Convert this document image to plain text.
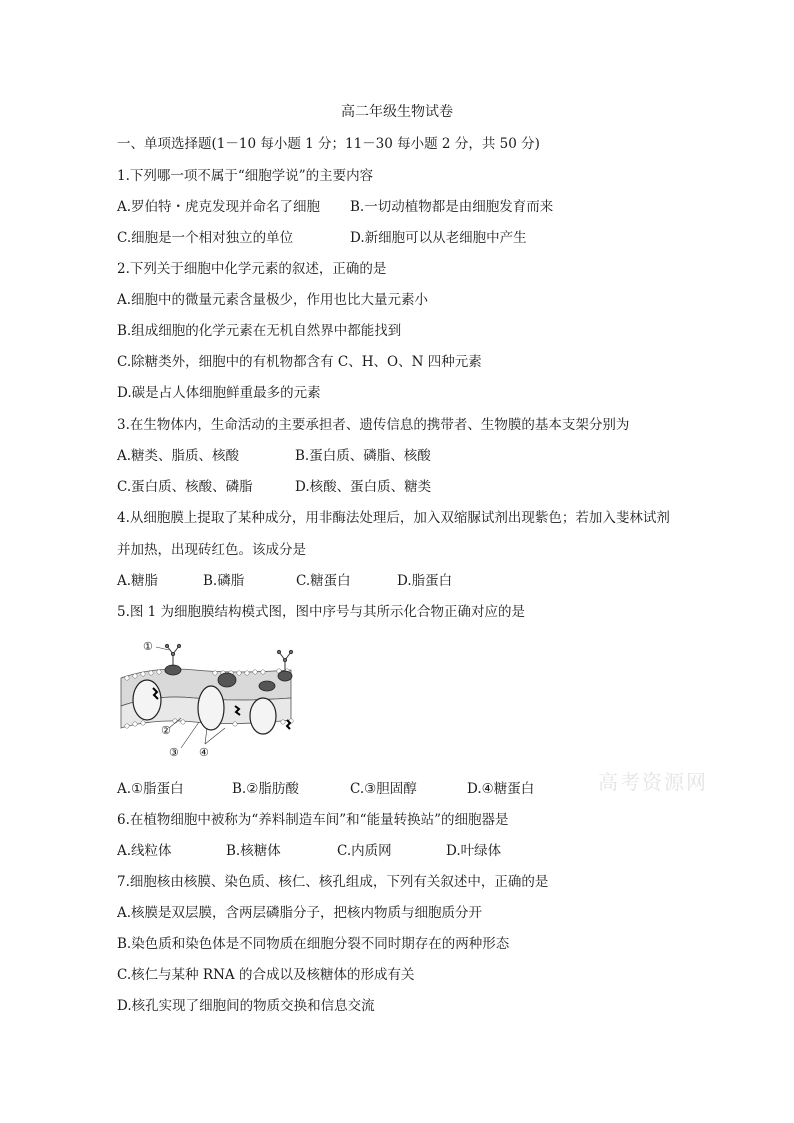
高二年级生物试卷
一、单项选择题(1－10 每小题 1 分；11－30 每小题 2 分，共 50 分)
1.下列哪一项不属于“细胞学说”的主要内容
A.罗伯特・虎克发现并命名了细胞 B.一切动植物都是由细胞发育而来
C.细胞是一个相对独立的单位	D.新细胞可以从老细胞中产生
2.下列关于细胞中化学元素的叙述，正确的是
A.细胞中的微量元素含量极少，作用也比大量元素小
B.组成细胞的化学元素在无机自然界中都能找到
C.除糖类外，细胞中的有机物都含有 C、H、O、N 四种元素
D.碳是占人体细胞鲜重最多的元素
3.在生物体内，生命活动的主要承担者、遗传信息的携带者、生物膜的基本支架分别为
A.糖类、脂质、核酸	B.蛋白质、磷脂、核酸
C.蛋白质、核酸、磷脂	D.核酸、蛋白质、糖类
4.从细胞膜上提取了某种成分，用非酶法处理后，加入双缩脲试剂出现紫色；若加入斐林试剂
并加热，出现砖红色。该成分是
A.糖脂	B.磷脂	C.糖蛋白	D.脂蛋白
5.图 1 为细胞膜结构模式图，图中序号与其所示化合物正确对应的是
①
②
③ ④
A.①脂蛋白	B.②脂肪酸	C.③胆固醇	D.④糖蛋白	高考资源网
6.在植物细胞中被称为“养料制造车间”和“能量转换站”的细胞器是
A.线粒体	B.核糖体	C.内质网	D.叶绿体
7.细胞核由核膜、染色质、核仁、核孔组成，下列有关叙述中，正确的是
A.核膜是双层膜，含两层磷脂分子，把核内物质与细胞质分开
B.染色质和染色体是不同物质在细胞分裂不同时期存在的两种形态
C.核仁与某种 RNA 的合成以及核糖体的形成有关
D.核孔实现了细胞间的物质交换和信息交流
